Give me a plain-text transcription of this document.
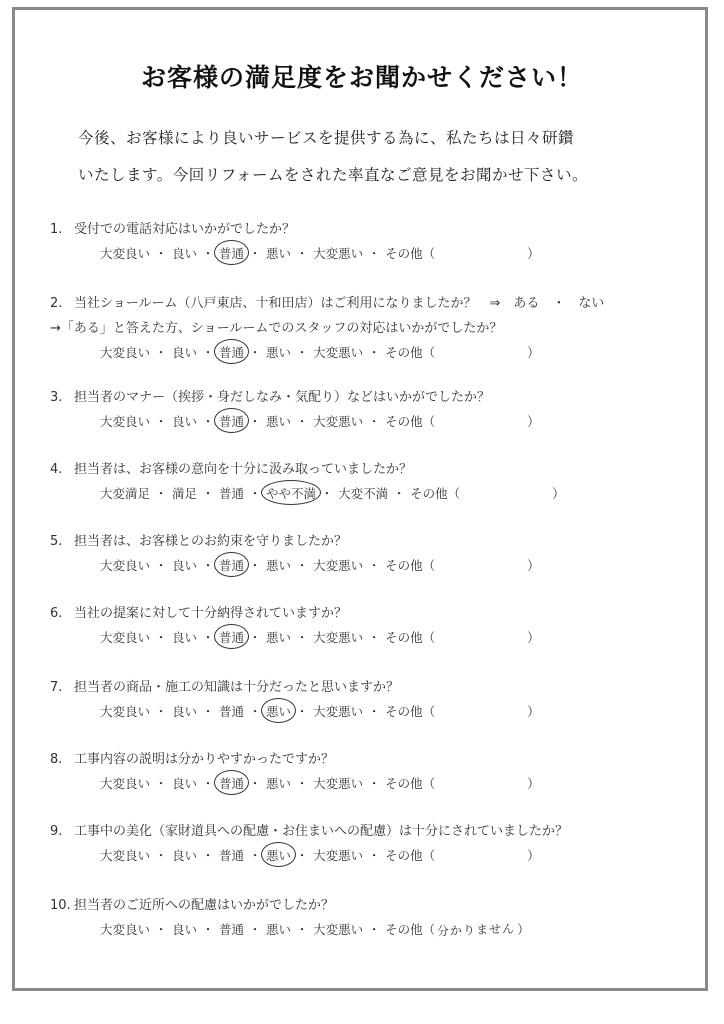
お客様の満足度をお聞かせください！

今後、お客様により良いサービスを提供する為に、私たちは日々研鑽
いたします。今回リフォームをされた率直なご意見をお聞かせ下さい。

1. 受付での電話対応はいかがでしたか？
大変良い ・ 良い ・ 普通 ・ 悪い ・ 大変悪い ・ その他（	）
2. 当社ショールーム（八戸東店、十和田店）はご利用になりましたか？　⇒　ある　・　ない
→「ある」と答えた方、ショールームでのスタッフの対応はいかがでしたか？
大変良い ・ 良い ・ 普通 ・ 悪い ・ 大変悪い ・ その他（	）
3. 担当者のマナー（挨拶・身だしなみ・気配り）などはいかがでしたか？
大変良い ・ 良い ・ 普通 ・ 悪い ・ 大変悪い ・ その他（	）
4. 担当者は、お客様の意向を十分に汲み取っていましたか？
大変満足 ・ 満足 ・ 普通 ・ やや不満 ・ 大変不満 ・ その他（	）
5. 担当者は、お客様とのお約束を守りましたか？
大変良い ・ 良い ・ 普通 ・ 悪い ・ 大変悪い ・ その他（	）
6. 当社の提案に対して十分納得されていますか？
大変良い ・ 良い ・ 普通 ・ 悪い ・ 大変悪い ・ その他（	）
7. 担当者の商品・施工の知識は十分だったと思いますか？
大変良い ・ 良い ・ 普通 ・ 悪い ・ 大変悪い ・ その他（	）
8. 工事内容の説明は分かりやすかったですか？
大変良い ・ 良い ・ 普通 ・ 悪い ・ 大変悪い ・ その他（	）
9. 工事中の美化（家財道具への配慮・お住まいへの配慮）は十分にされていましたか？
大変良い ・ 良い ・ 普通 ・ 悪い ・ 大変悪い ・ その他（	）
10. 担当者のご近所への配慮はいかがでしたか？
大変良い ・ 良い ・ 普通 ・ 悪い ・ 大変悪い ・ その他（ 分かりません ）
